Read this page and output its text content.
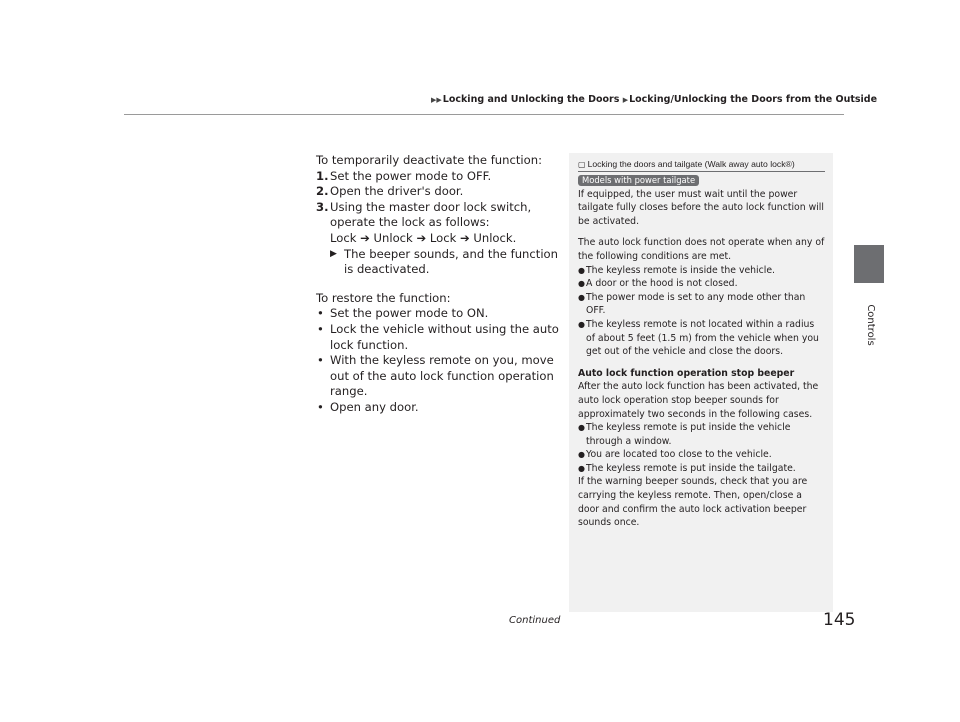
▶▶Locking and Unlocking the Doors ▶Locking/Unlocking the Doors from the Outside
Controls

To temporarily deactivate the function:

1. Set the power mode to OFF.
2. Open the driver's door.
3. Using the master door lock switch, operate the lock as follows:
Lock ➔ Unlock ➔ Lock ➔ Unlock.
▶ The beeper sounds, and the function is deactivated.

To restore the function:

• Set the power mode to ON.
• Lock the vehicle without using the auto lock function.
• With the keyless remote on you, move out of the auto lock function operation range.
• Open any door.
▢ Locking the doors and tailgate (Walk away auto lock®)
Models with power tailgate

If equipped, the user must wait until the power tailgate fully closes before the auto lock function will be activated.

The auto lock function does not operate when any of the following conditions are met.

● The keyless remote is inside the vehicle.
● A door or the hood is not closed.
● The power mode is set to any mode other than OFF.
● The keyless remote is not located within a radius of about 5 feet (1.5 m) from the vehicle when you get out of the vehicle and close the doors.

Auto lock function operation stop beeper

After the auto lock function has been activated, the auto lock operation stop beeper sounds for approximately two seconds in the following cases.

● The keyless remote is put inside the vehicle through a window.
● You are located too close to the vehicle.
● The keyless remote is put inside the tailgate.

If the warning beeper sounds, check that you are carrying the keyless remote. Then, open/close a door and confirm the auto lock activation beeper sounds once.

Continued	145
